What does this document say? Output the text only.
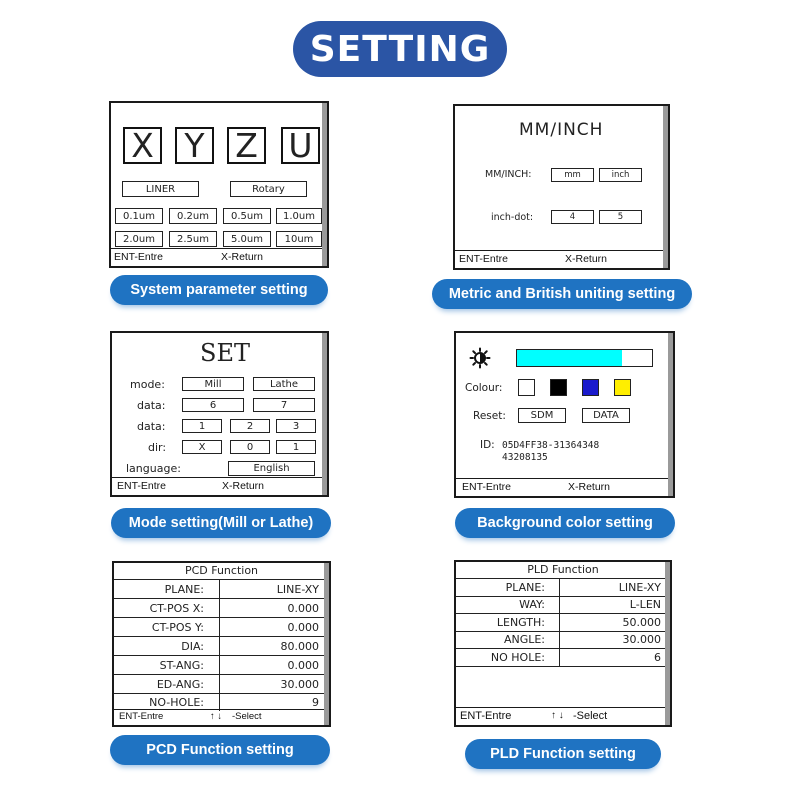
SETTING
X Y Z U
LINER	Rotary
0.1um	0.2um	0.5um	1.0um
2.0um	2.5um	5.0um	10um
ENT-Entre	X-Return
System parameter setting
MM/INCH
MM/INCH:	mm	inch
inch-dot:	4	5
ENT-Entre	X-Return
Metric and British uniting setting
SET
mode:	Mill	Lathe
data:	6	7
data:	1	2	3
dir:	X	0	1
language:	English
ENT-Entre	X-Return
Mode setting(Mill or Lathe)
Colour:
Reset:	SDM	DATA
ID: 05D4FF38-31364348
43208135
ENT-Entre	X-Return
Background color setting
PCD Function
PLANE:	LINE-XY
CT-POS X:	0.000
CT-POS Y:	0.000
DIA:	80.000
ST-ANG:	0.000
ED-ANG:	30.000
NO-HOLE:	9
ENT-Entre	↑ ↓ -Select
PCD Function setting
PLD Function
PLANE:	LINE-XY
WAY:	L-LEN
LENGTH:	50.000
ANGLE:	30.000
NO HOLE:	6
ENT-Entre	↑ ↓ -Select
PLD Function setting
